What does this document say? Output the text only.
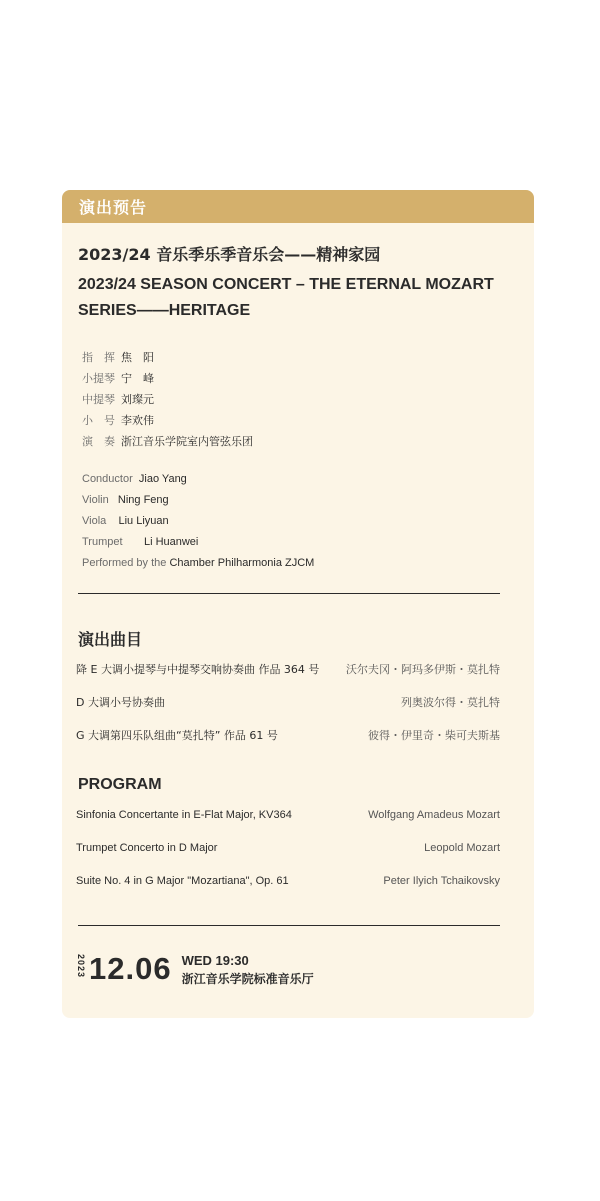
演出预告
2023/24 音乐季乐季音乐会——精神家园
2023/24 SEASON CONCERT – THE ETERNAL MOZART SERIES——HERITAGE
指　挥 焦　阳
小提琴 宁　峰
中提琴 刘璨元
小　号 李欢伟
演　奏 浙江音乐学院室内管弦乐团
Conductor Jiao Yang
Violin Ning Feng
Viola Liu Liyuan
Trumpet Li Huanwei
Performed by the Chamber Philharmonia ZJCM
演出曲目
降 E 大调小提琴与中提琴交响协奏曲 作品 364 号 沃尔夫冈・阿玛多伊斯・莫扎特
D 大调小号协奏曲	列奥波尔得・莫扎特
G 大调第四乐队组曲“莫扎特” 作品 61 号	彼得・伊里奇・柴可夫斯基
PROGRAM
Sinfonia Concertante in E-Flat Major, KV364	Wolfgang Amadeus Mozart
Trumpet Concerto in D Major	Leopold Mozart
Suite No. 4 in G Major "Mozartiana", Op. 61	Peter Ilyich Tchaikovsky
2023 12.06 WED 19:30
浙江音乐学院标准音乐厅
